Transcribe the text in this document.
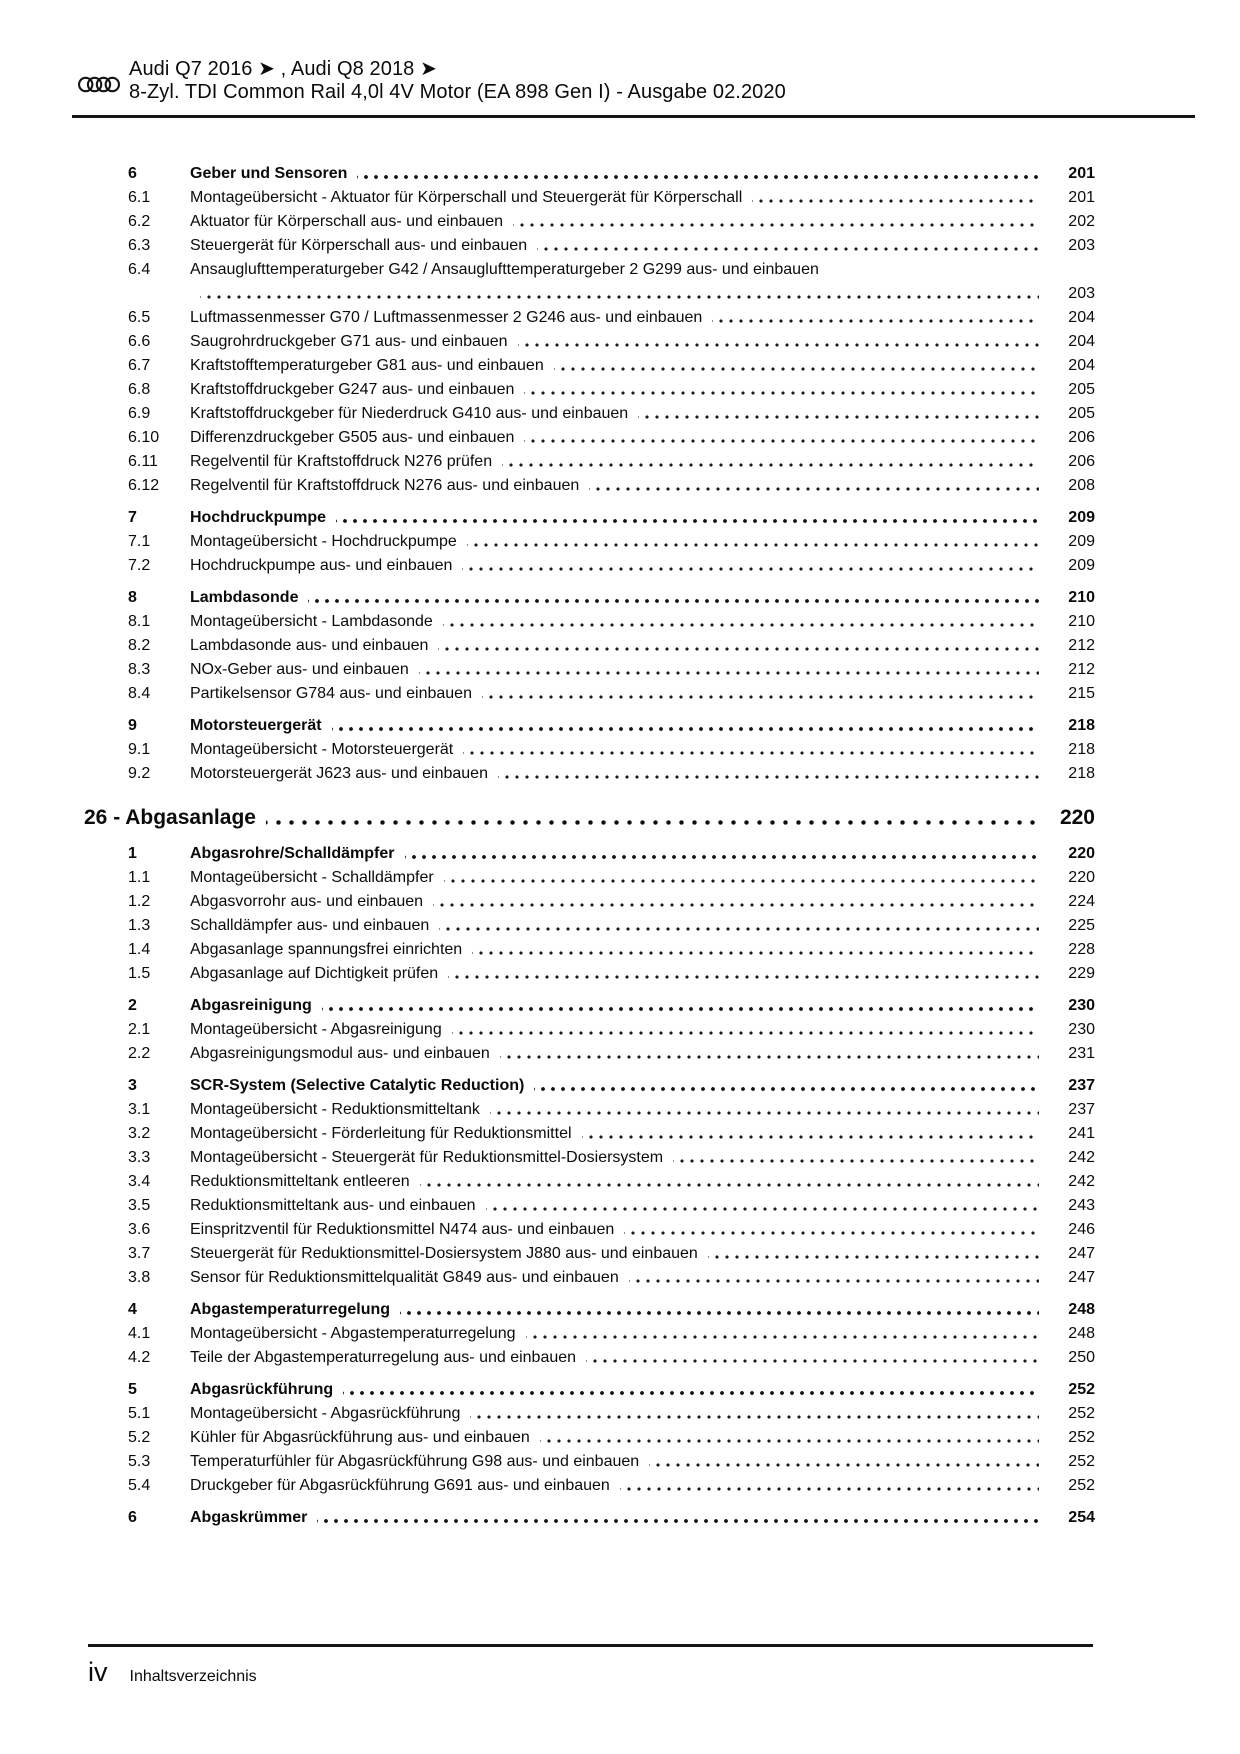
Audi Q7 2016 ➤ , Audi Q8 2018 ➤
8-Zyl. TDI Common Rail 4,0l 4V Motor (EA 898 Gen I) - Ausgabe 02.2020
6	Geber und Sensoren	201
6.1	Montageübersicht - Aktuator für Körperschall und Steuergerät für Körperschall	201
6.2	Aktuator für Körperschall aus- und einbauen	202
6.3	Steuergerät für Körperschall aus- und einbauen	203
6.4	Ansauglufttemperaturgeber G42 / Ansauglufttemperaturgeber 2 G299 aus- und einbauen
203
6.5	Luftmassenmesser G70 / Luftmassenmesser 2 G246 aus- und einbauen	204
6.6	Saugrohrdruckgeber G71 aus- und einbauen	204
6.7	Kraftstofftemperaturgeber G81 aus- und einbauen	204
6.8	Kraftstoffdruckgeber G247 aus- und einbauen	205
6.9	Kraftstoffdruckgeber für Niederdruck G410 aus- und einbauen	205
6.10	Differenzdruckgeber G505 aus- und einbauen	206
6.11	Regelventil für Kraftstoffdruck N276 prüfen	206
6.12	Regelventil für Kraftstoffdruck N276 aus- und einbauen	208
7	Hochdruckpumpe	209
7.1	Montageübersicht - Hochdruckpumpe	209
7.2	Hochdruckpumpe aus- und einbauen	209
8	Lambdasonde	210
8.1	Montageübersicht - Lambdasonde	210
8.2	Lambdasonde aus- und einbauen	212
8.3	NOx-Geber aus- und einbauen	212
8.4	Partikelsensor G784 aus- und einbauen	215
9	Motorsteuergerät	218
9.1	Montageübersicht - Motorsteuergerät	218
9.2	Motorsteuergerät J623 aus- und einbauen	218
26 - Abgasanlage	220
1	Abgasrohre/Schalldämpfer	220
1.1	Montageübersicht - Schalldämpfer	220
1.2	Abgasvorrohr aus- und einbauen	224
1.3	Schalldämpfer aus- und einbauen	225
1.4	Abgasanlage spannungsfrei einrichten	228
1.5	Abgasanlage auf Dichtigkeit prüfen	229
2	Abgasreinigung	230
2.1	Montageübersicht - Abgasreinigung	230
2.2	Abgasreinigungsmodul aus- und einbauen	231
3	SCR-System (Selective Catalytic Reduction)	237
3.1	Montageübersicht - Reduktionsmitteltank	237
3.2	Montageübersicht - Förderleitung für Reduktionsmittel	241
3.3	Montageübersicht - Steuergerät für Reduktionsmittel-Dosiersystem	242
3.4	Reduktionsmitteltank entleeren	242
3.5	Reduktionsmitteltank aus- und einbauen	243
3.6	Einspritzventil für Reduktionsmittel N474 aus- und einbauen	246
3.7	Steuergerät für Reduktionsmittel-Dosiersystem J880 aus- und einbauen	247
3.8	Sensor für Reduktionsmittelqualität G849 aus- und einbauen	247
4	Abgastemperaturregelung	248
4.1	Montageübersicht - Abgastemperaturregelung	248
4.2	Teile der Abgastemperaturregelung aus- und einbauen	250
5	Abgasrückführung	252
5.1	Montageübersicht - Abgasrückführung	252
5.2	Kühler für Abgasrückführung aus- und einbauen	252
5.3	Temperaturfühler für Abgasrückführung G98 aus- und einbauen	252
5.4	Druckgeber für Abgasrückführung G691 aus- und einbauen	252
6	Abgaskrümmer	254
iv Inhaltsverzeichnis
